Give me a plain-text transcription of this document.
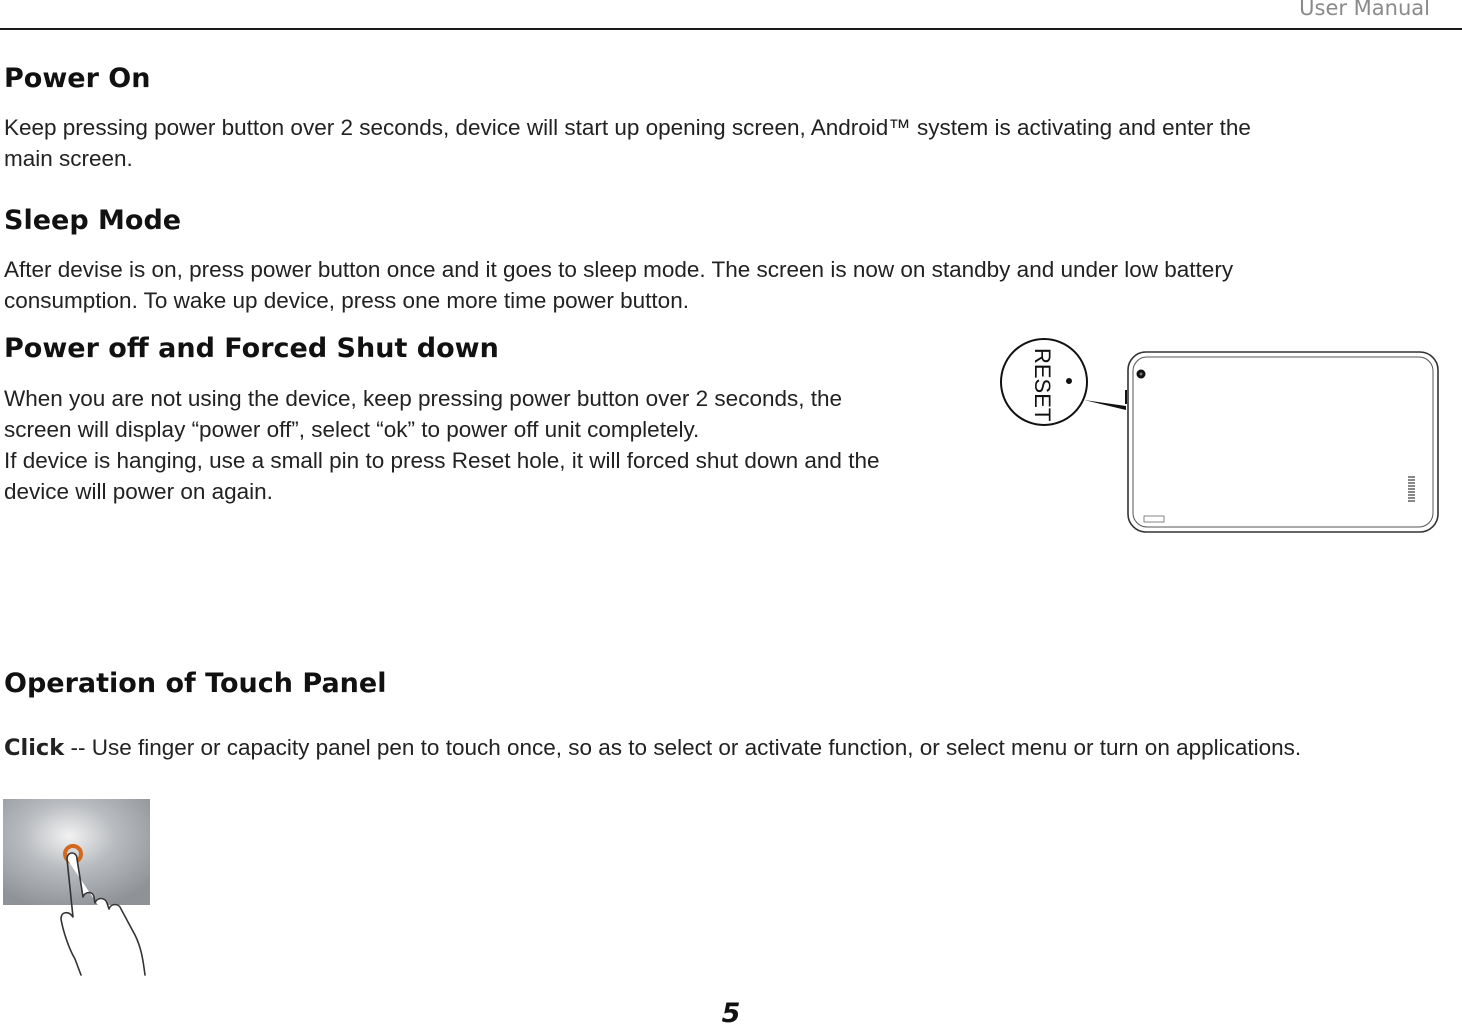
User Manual
Power On

Keep pressing power button over 2 seconds, device will start up opening screen, Android™ system is activating and enter the
main screen.

Sleep Mode

After devise is on, press power button once and it goes to sleep mode. The screen is now on standby and under low battery
consumption. To wake up device, press one more time power button.

Power off and Forced Shut down

When you are not using the device, keep pressing power button over 2 seconds, the
screen will display “power off”, select “ok” to power off unit completely.
If device is hanging, use a small pin to press Reset hole, it will forced shut down and the
device will power on again.

RESET
Operation of Touch Panel

Click -- Use finger or capacity panel pen to touch once, so as to select or activate function, or select menu or turn on applications.

5
